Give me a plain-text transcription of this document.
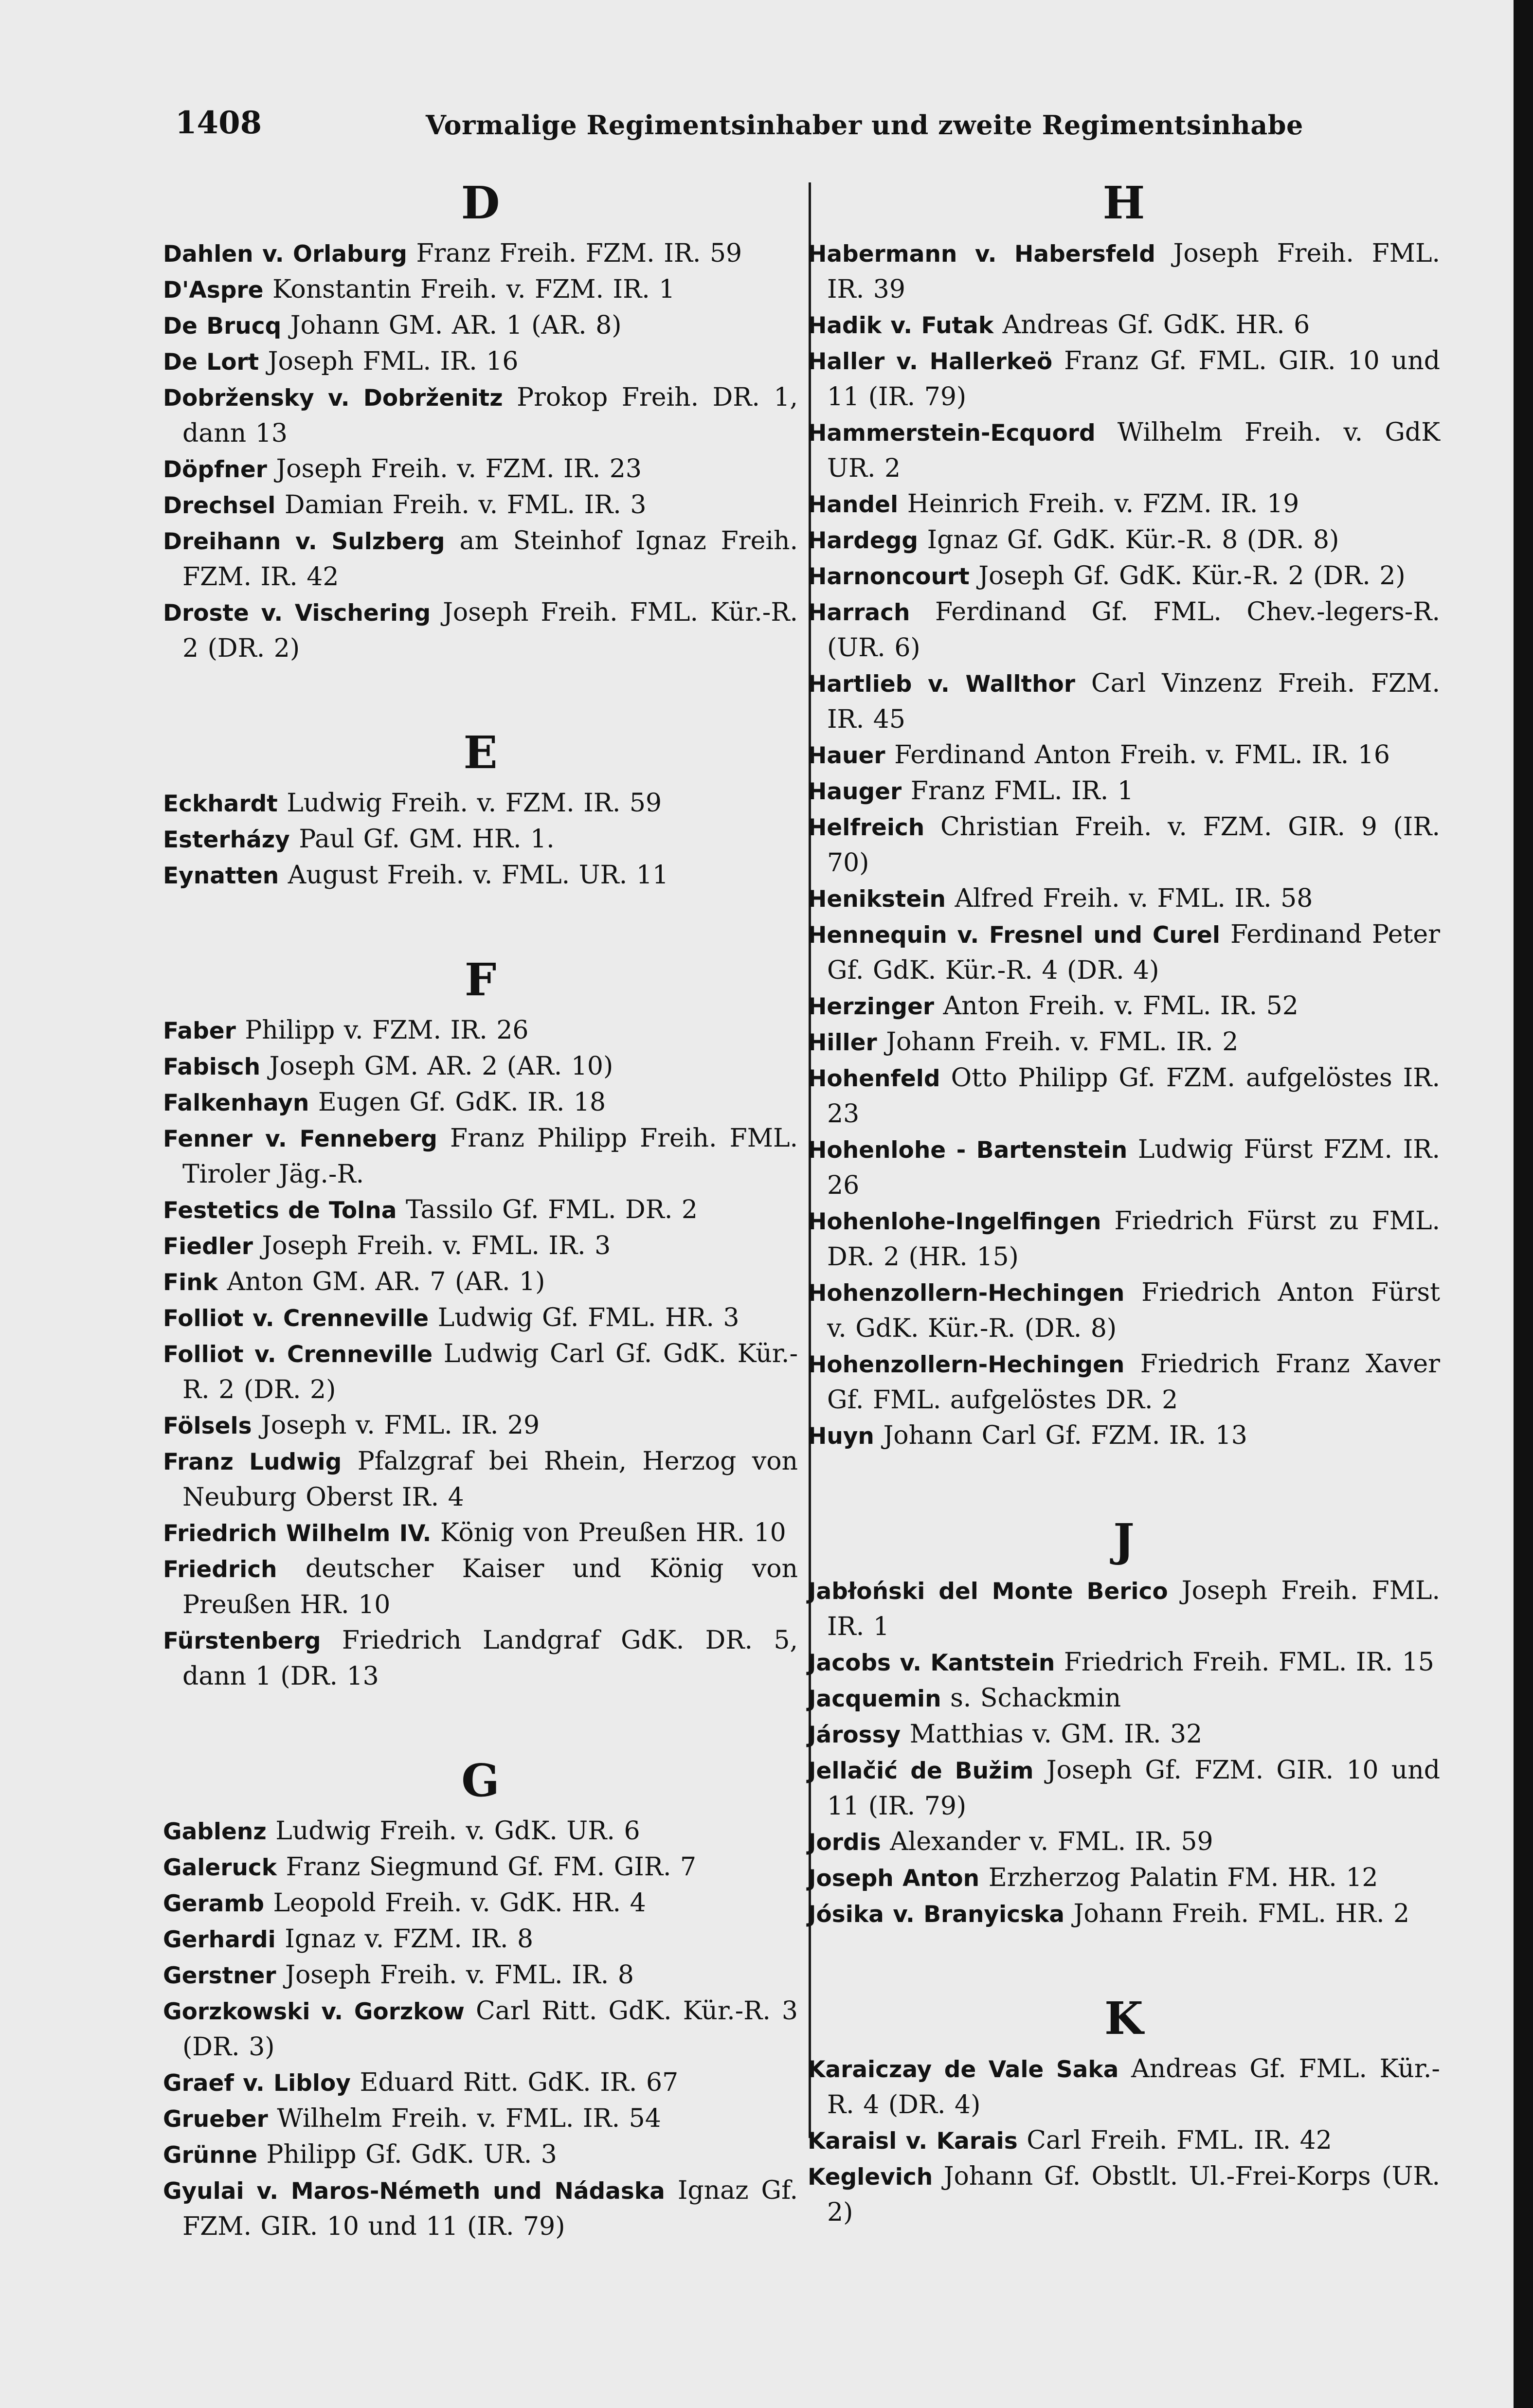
1408	Vormalige Regimentsinhaber und zweite Regimentsinhabe
D

Dahlen v. Orlaburg Franz Freih. FZM. IR. 59

D'Aspre Konstantin Freih. v. FZM. IR. 1

De Brucq Johann GM. AR. 1 (AR. 8)

De Lort Joseph FML. IR. 16

Dobržensky v. Dobrženitz Prokop Freih. DR. 1, dann 13

Döpfner Joseph Freih. v. FZM. IR. 23

Drechsel Damian Freih. v. FML. IR. 3

Dreihann v. Sulzberg am Steinhof Ignaz Freih. FZM. IR. 42

Droste v. Vischering Joseph Freih. FML. Kür.-R. 2 (DR. 2)

E

Eckhardt Ludwig Freih. v. FZM. IR. 59

Esterházy Paul Gf. GM. HR. 1.

Eynatten August Freih. v. FML. UR. 11

F

Faber Philipp v. FZM. IR. 26

Fabisch Joseph GM. AR. 2 (AR. 10)

Falkenhayn Eugen Gf. GdK. IR. 18

Fenner v. Fenneberg Franz Philipp Freih. FML. Tiroler Jäg.-R.

Festetics de Tolna Tassilo Gf. FML. DR. 2

Fiedler Joseph Freih. v. FML. IR. 3

Fink Anton GM. AR. 7 (AR. 1)

Folliot v. Crenneville Ludwig Gf. FML. HR. 3

Folliot v. Crenneville Ludwig Carl Gf. GdK. Kür.-R. 2 (DR. 2)

Fölsels Joseph v. FML. IR. 29

Franz Ludwig Pfalzgraf bei Rhein, Herzog von Neuburg Oberst IR. 4

Friedrich Wilhelm IV. König von Preußen HR. 10

Friedrich deutscher Kaiser und König von Preußen HR. 10

Fürstenberg Friedrich Landgraf GdK. DR. 5, dann 1 (DR. 13

G

Gablenz Ludwig Freih. v. GdK. UR. 6

Galeruck Franz Siegmund Gf. FM. GIR. 7

Geramb Leopold Freih. v. GdK. HR. 4

Gerhardi Ignaz v. FZM. IR. 8

Gerstner Joseph Freih. v. FML. IR. 8

Gorzkowski v. Gorzkow Carl Ritt. GdK. Kür.-R. 3 (DR. 3)

Graef v. Libloy Eduard Ritt. GdK. IR. 67

Grueber Wilhelm Freih. v. FML. IR. 54

Grünne Philipp Gf. GdK. UR. 3

Gyulai v. Maros-Németh und Nádaska Ignaz Gf. FZM. GIR. 10 und 11 (IR. 79)

H

Habermann v. Habersfeld Joseph Freih. FML. IR. 39

Hadik v. Futak Andreas Gf. GdK. HR. 6

Haller v. Hallerkeö Franz Gf. FML. GIR. 10 und 11 (IR. 79)

Hammerstein-Ecquord Wilhelm Freih. v. GdK UR. 2

Handel Heinrich Freih. v. FZM. IR. 19

Hardegg Ignaz Gf. GdK. Kür.-R. 8 (DR. 8)

Harnoncourt Joseph Gf. GdK. Kür.-R. 2 (DR. 2)

Harrach Ferdinand Gf. FML. Chev.-legers-R. (UR. 6)

Hartlieb v. Wallthor Carl Vinzenz Freih. FZM. IR. 45

Hauer Ferdinand Anton Freih. v. FML. IR. 16

Hauger Franz FML. IR. 1

Helfreich Christian Freih. v. FZM. GIR. 9 (IR. 70)

Henikstein Alfred Freih. v. FML. IR. 58

Hennequin v. Fresnel und Curel Ferdinand Peter Gf. GdK. Kür.-R. 4 (DR. 4)

Herzinger Anton Freih. v. FML. IR. 52

Hiller Johann Freih. v. FML. IR. 2

Hohenfeld Otto Philipp Gf. FZM. aufgelöstes IR. 23

Hohenlohe - Bartenstein Ludwig Fürst FZM. IR. 26

Hohenlohe-Ingelfingen Friedrich Fürst zu FML. DR. 2 (HR. 15)

Hohenzollern-Hechingen Friedrich Anton Fürst v. GdK. Kür.-R. (DR. 8)

Hohenzollern-Hechingen Friedrich Franz Xaver Gf. FML. aufgelöstes DR. 2

Huyn Johann Carl Gf. FZM. IR. 13

J

Jabłoński del Monte Berico Joseph Freih. FML. IR. 1

Jacobs v. Kantstein Friedrich Freih. FML. IR. 15

Jacquemin s. Schackmin

Járossy Matthias v. GM. IR. 32

Jellačić de Bužim Joseph Gf. FZM. GIR. 10 und 11 (IR. 79)

Jordis Alexander v. FML. IR. 59

Joseph Anton Erzherzog Palatin FM. HR. 12

Jósika v. Branyicska Johann Freih. FML. HR. 2

K

Karaiczay de Vale Saka Andreas Gf. FML. Kür.-R. 4 (DR. 4)

Karaisl v. Karais Carl Freih. FML. IR. 42

Keglevich Johann Gf. Obstlt. Ul.-Frei-Korps (UR. 2)
